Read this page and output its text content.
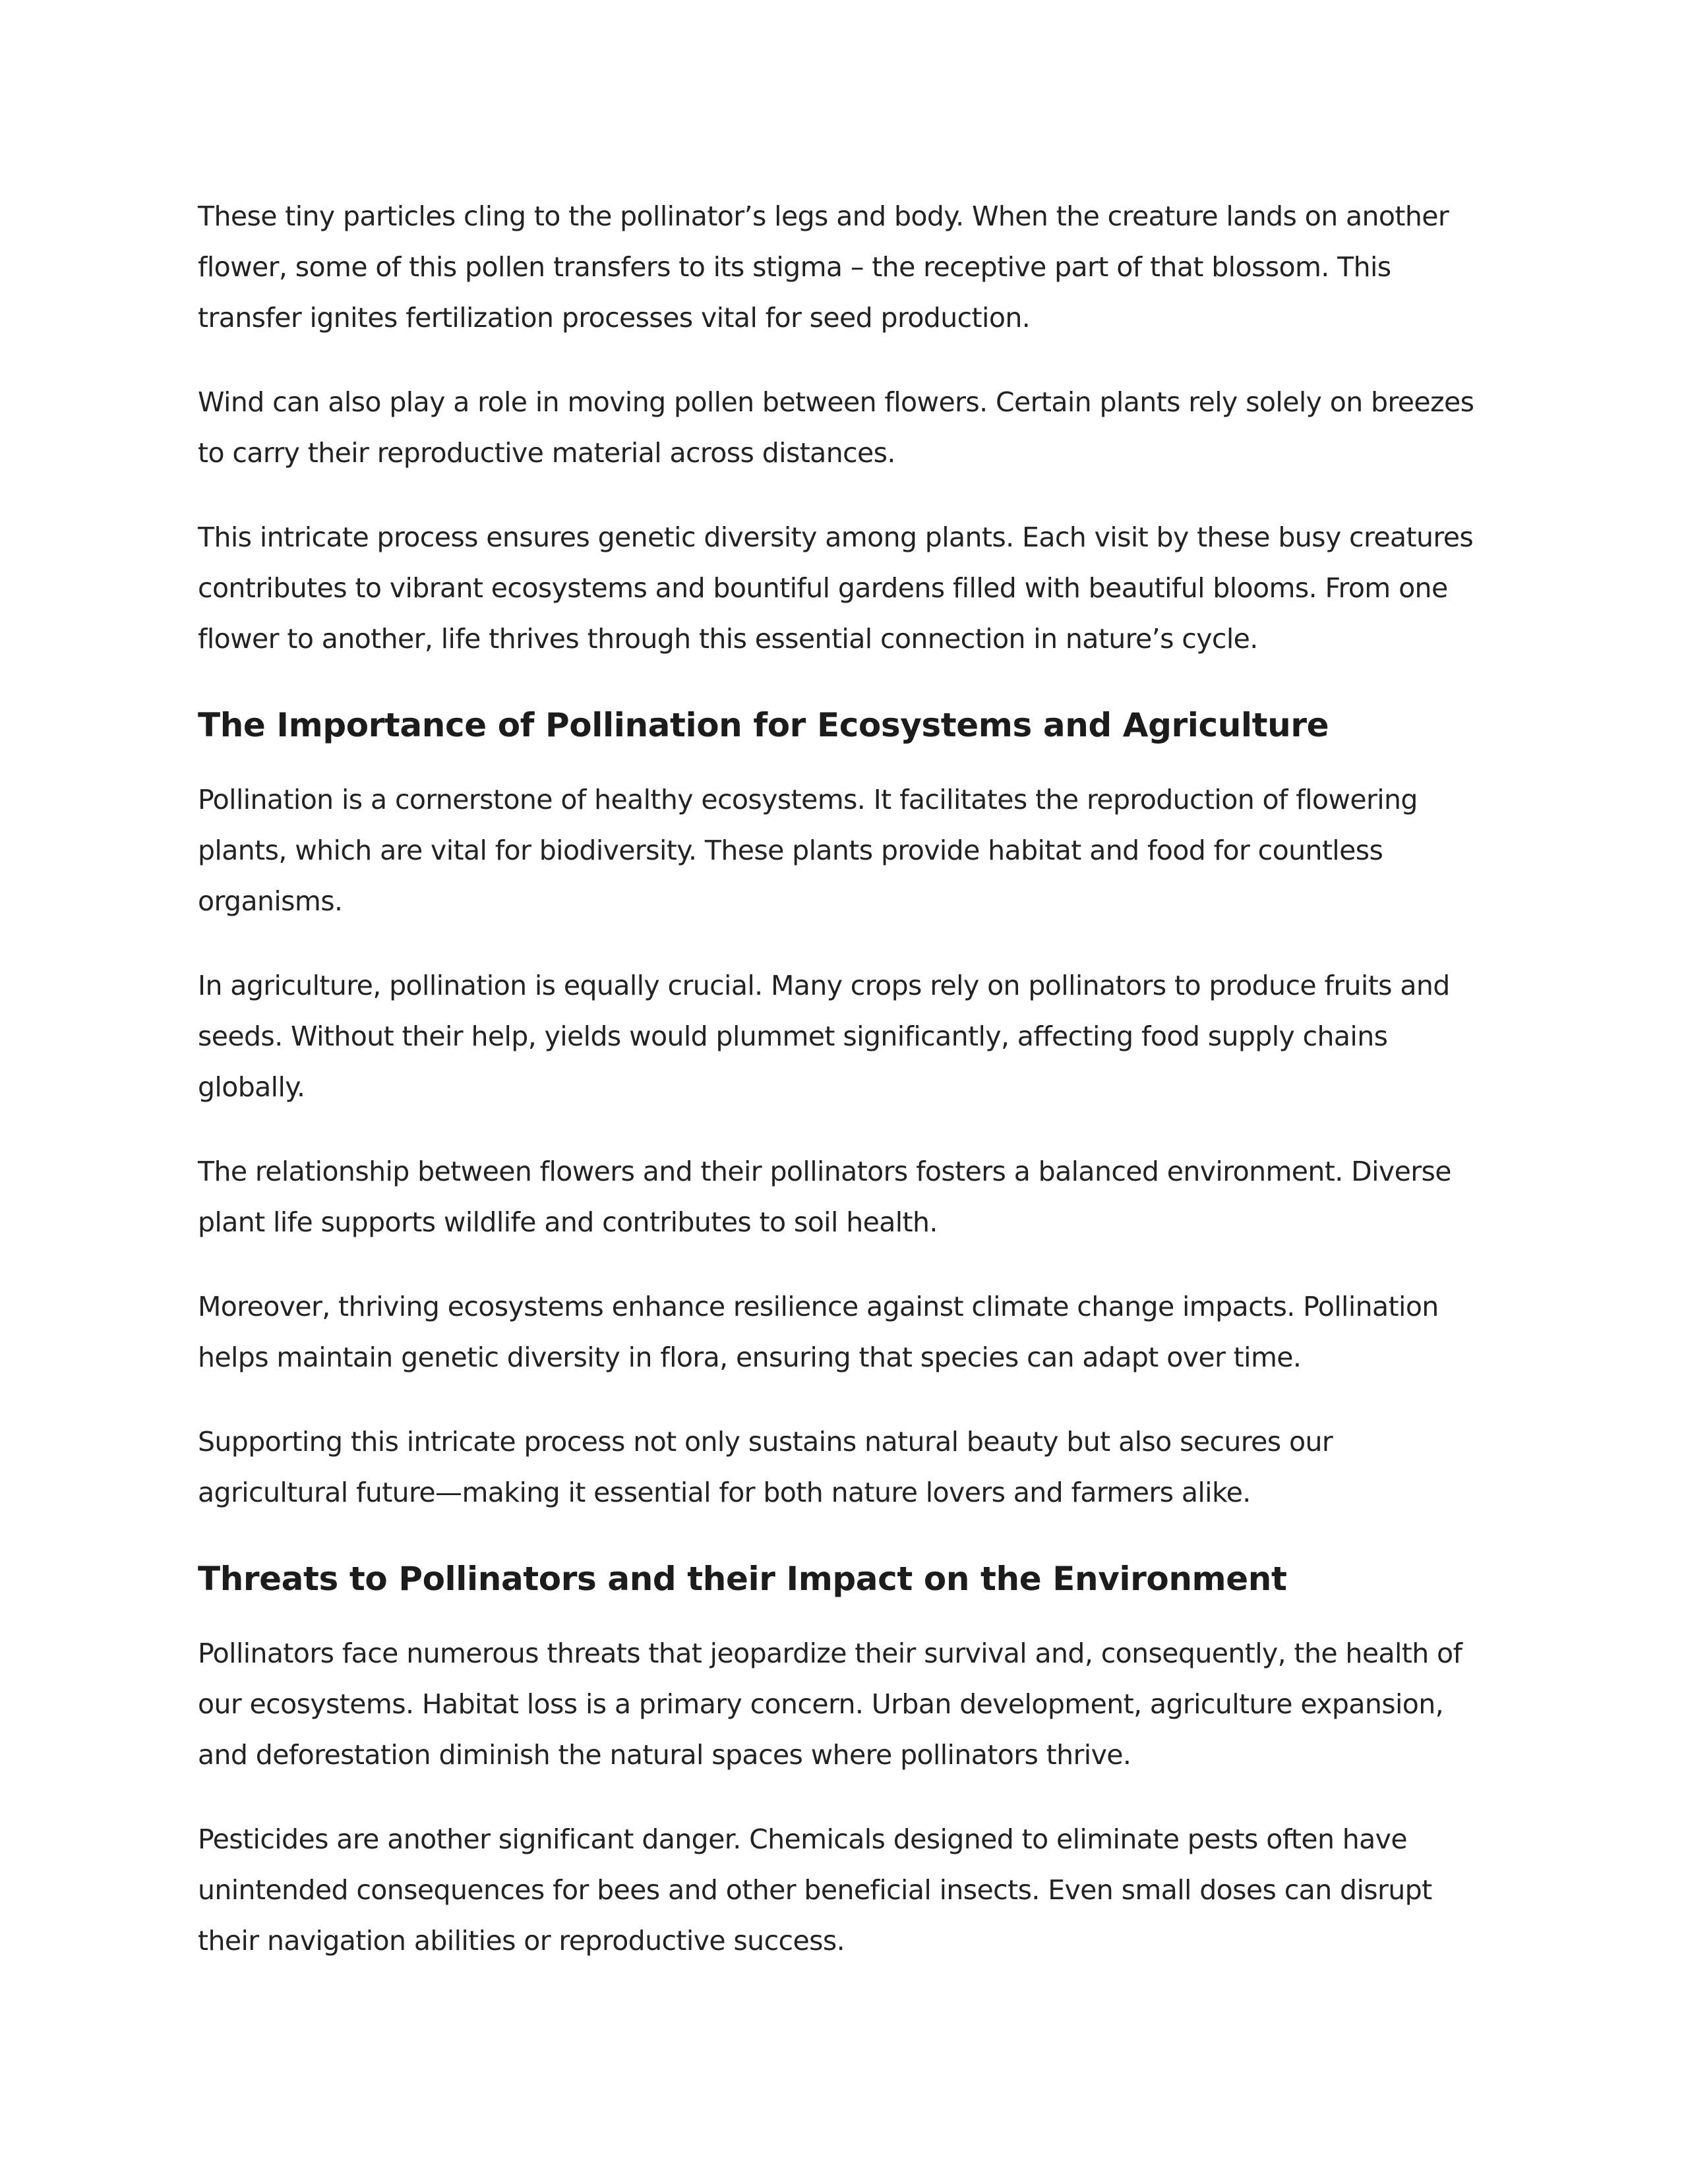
These tiny particles cling to the pollinator’s legs and body. When the creature lands on another flower, some of this pollen transfers to its stigma – the receptive part of that blossom. This transfer ignites fertilization processes vital for seed production.

Wind can also play a role in moving pollen between flowers. Certain plants rely solely on breezes to carry their reproductive material across distances.

This intricate process ensures genetic diversity among plants. Each visit by these busy creatures contributes to vibrant ecosystems and bountiful gardens filled with beautiful blooms. From one flower to another, life thrives through this essential connection in nature’s cycle.

The Importance of Pollination for Ecosystems and Agriculture

Pollination is a cornerstone of healthy ecosystems. It facilitates the reproduction of flowering plants, which are vital for biodiversity. These plants provide habitat and food for countless organisms.

In agriculture, pollination is equally crucial. Many crops rely on pollinators to produce fruits and seeds. Without their help, yields would plummet significantly, affecting food supply chains globally.

The relationship between flowers and their pollinators fosters a balanced environment. Diverse plant life supports wildlife and contributes to soil health.

Moreover, thriving ecosystems enhance resilience against climate change impacts. Pollination helps maintain genetic diversity in flora, ensuring that species can adapt over time.

Supporting this intricate process not only sustains natural beauty but also secures our agricultural future—making it essential for both nature lovers and farmers alike.

Threats to Pollinators and their Impact on the Environment

Pollinators face numerous threats that jeopardize their survival and, consequently, the health of our ecosystems. Habitat loss is a primary concern. Urban development, agriculture expansion, and deforestation diminish the natural spaces where pollinators thrive.

Pesticides are another significant danger. Chemicals designed to eliminate pests often have unintended consequences for bees and other beneficial insects. Even small doses can disrupt their navigation abilities or reproductive success.
